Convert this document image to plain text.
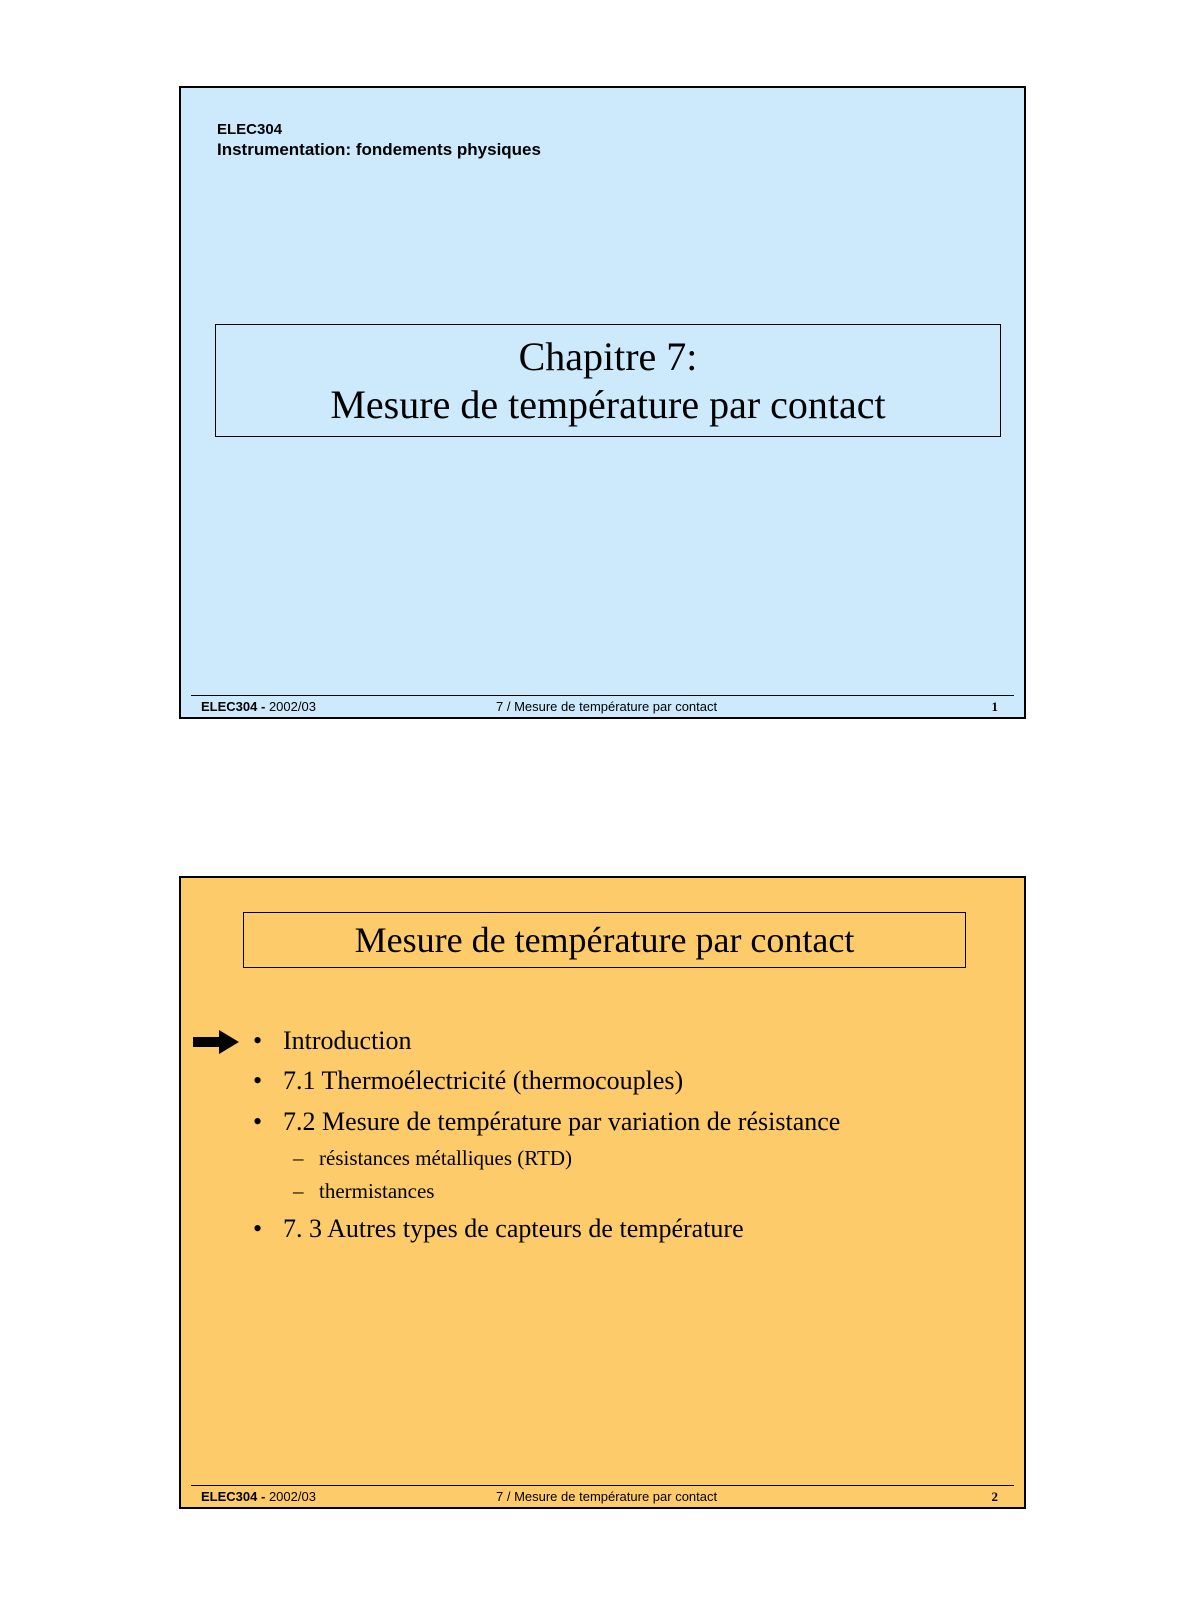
ELEC304
Instrumentation: fondements physiques
Chapitre 7:
Mesure de température par contact
ELEC304 - 2002/03	7 / Mesure de température par contact	1
Mesure de température par contact
• Introduction
• 7.1 Thermoélectricité (thermocouples)
• 7.2 Mesure de température par variation de résistance
– résistances métalliques (RTD)
– thermistances
• 7. 3 Autres types de capteurs de température
ELEC304 - 2002/03	7 / Mesure de température par contact	2
